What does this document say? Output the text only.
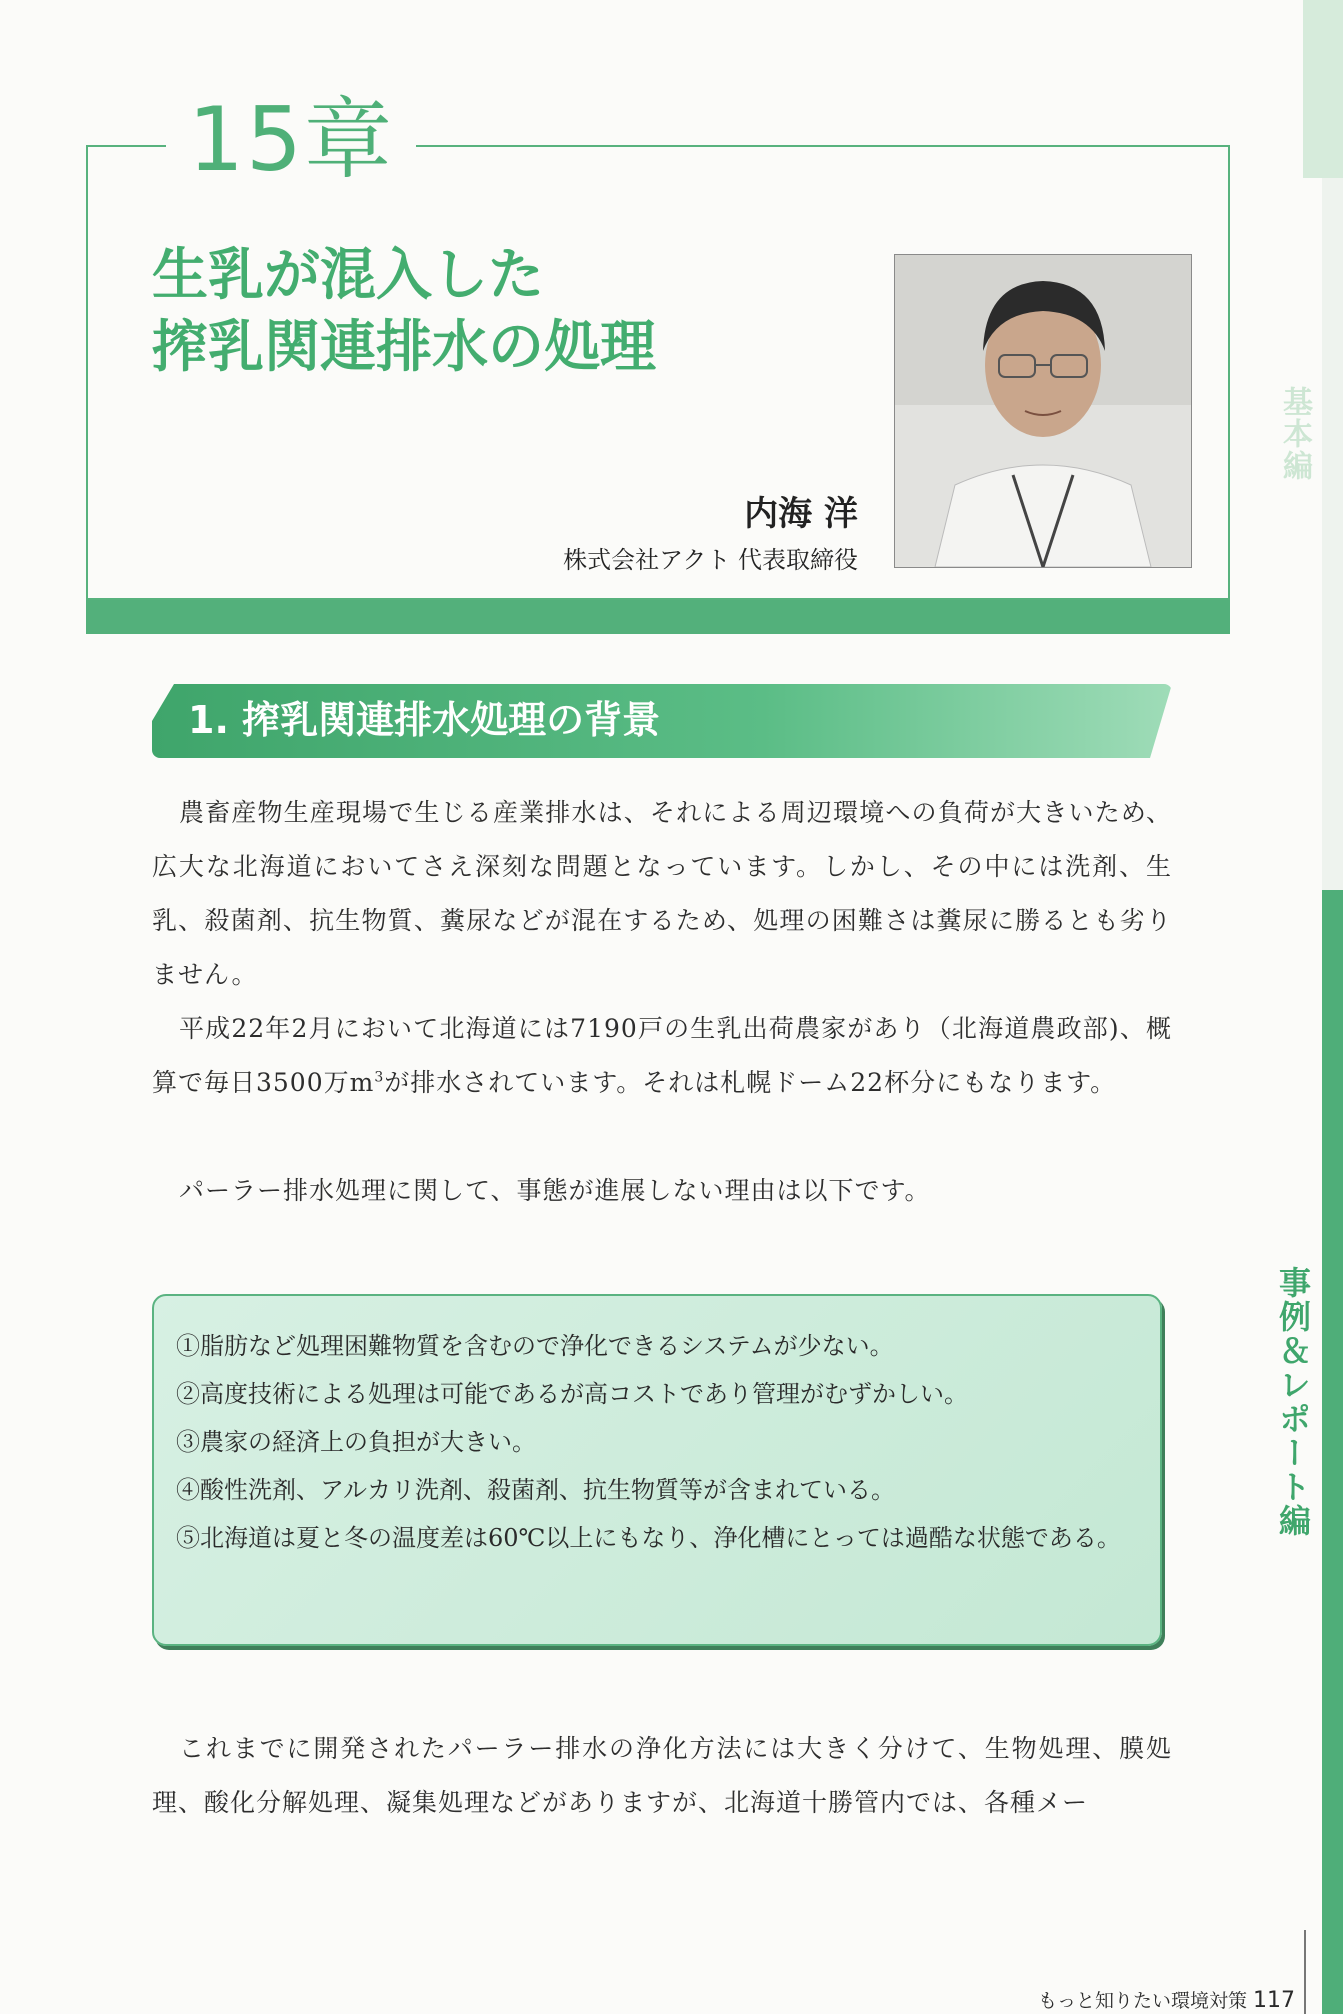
基本編
事例＆レポート編
15章
生乳が混入した
搾乳関連排水の処理
内海 洋
株式会社アクト 代表取締役
1. 搾乳関連排水処理の背景

農畜産物生産現場で生じる産業排水は、それによる周辺環境への負荷が大きいため、広大な北海道においてさえ深刻な問題となっています。しかし、その中には洗剤、生乳、殺菌剤、抗生物質、糞尿などが混在するため、処理の困難さは糞尿に勝るとも劣りません。

平成22年2月において北海道には7190戸の生乳出荷農家があり（北海道農政部)、概算で毎日3500万$m^3$が排水されています。それは札幌ドーム22杯分にもなります。

パーラー排水処理に関して、事態が進展しない理由は以下です。

①脂肪など処理困難物質を含むので浄化できるシステムが少ない。
②高度技術による処理は可能であるが高コストであり管理がむずかしい。
③農家の経済上の負担が大きい。
④酸性洗剤、アルカリ洗剤、殺菌剤、抗生物質等が含まれている。
⑤北海道は夏と冬の温度差は60℃以上にもなり、浄化槽にとっては過酷な状態である。

これまでに開発されたパーラー排水の浄化方法には大きく分けて、生物処理、膜処理、酸化分解処理、凝集処理などがありますが、北海道十勝管内では、各種メー

もっと知りたい環境対策 117
